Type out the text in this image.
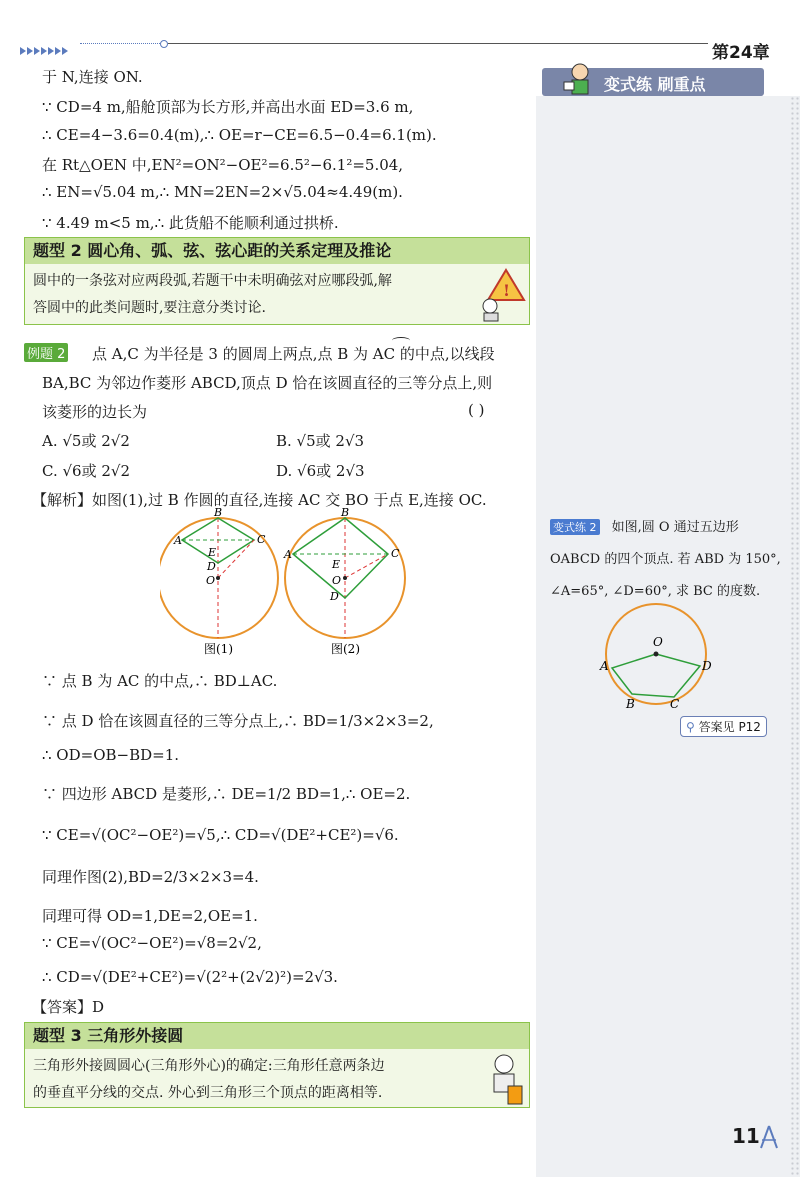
第24章
变式练 刷重点
于 N,连接 ON.
∵ CD=4 m,船舱顶部为长方形,并高出水面 ED=3.6 m,
∴ CE=4−3.6=0.4(m),∴ OE=r−CE=6.5−0.4=6.1(m).
在 Rt△OEN 中,EN²=ON²−OE²=6.5²−6.1²=5.04,
∴ EN=√5.04 m,∴ MN=2EN=2×√5.04≈4.49(m).
∵ 4.49 m<5 m,∴ 此货船不能顺利通过拱桥.
题型 2 圆心角、弧、弦、弦心距的关系定理及推论
圆中的一条弦对应两段弧,若题干中未明确弦对应哪段弧,解
答圆中的此类问题时,要注意分类讨论.
!
例题 2 点 A,C 为半径是 3 的圆周上两点,点 B 为 AC 的中点,以线段
BA,BC 为邻边作菱形 ABCD,顶点 D 恰在该圆直径的三等分点上,则
该菱形的边长为	( )
A. √5或 2√2	B. √5或 2√3
C. √6或 2√2	D. √6或 2√3
【解析】如图(1),过 B 作圆的直径,连接 AC 交 BO 于点 E,连接 OC.
A
B
C
E
D
O
A
B
C
E
O
D
图(1)	图(2)
∵ 点 B 为 AC 的中点,∴ BD⊥AC.
∵ 点 D 恰在该圆直径的三等分点上,∴ BD=1/3×2×3=2,
∴ OD=OB−BD=1.
∵ 四边形 ABCD 是菱形,∴ DE=1/2 BD=1,∴ OE=2.
∵ CE=√(OC²−OE²)=√5,∴ CD=√(DE²+CE²)=√6.
同理作图(2),BD=2/3×2×3=4.
同理可得 OD=1,DE=2,OE=1.
∵ CE=√(OC²−OE²)=√8=2√2,
∴ CD=√(DE²+CE²)=√(2²+(2√2)²)=2√3.
【答案】D
题型 3 三角形外接圆
三角形外接圆圆心(三角形外心)的确定:三角形任意两条边
的垂直平分线的交点. 外心到三角形三个顶点的距离相等.
变式练 2 如图,圆 O 通过五边形
OABCD 的四个顶点. 若 ABD 为 150°,
∠A=65°, ∠D=60°, 求 BC 的度数.
O
A
B	C
D
⚲ 答案见 P12
11
